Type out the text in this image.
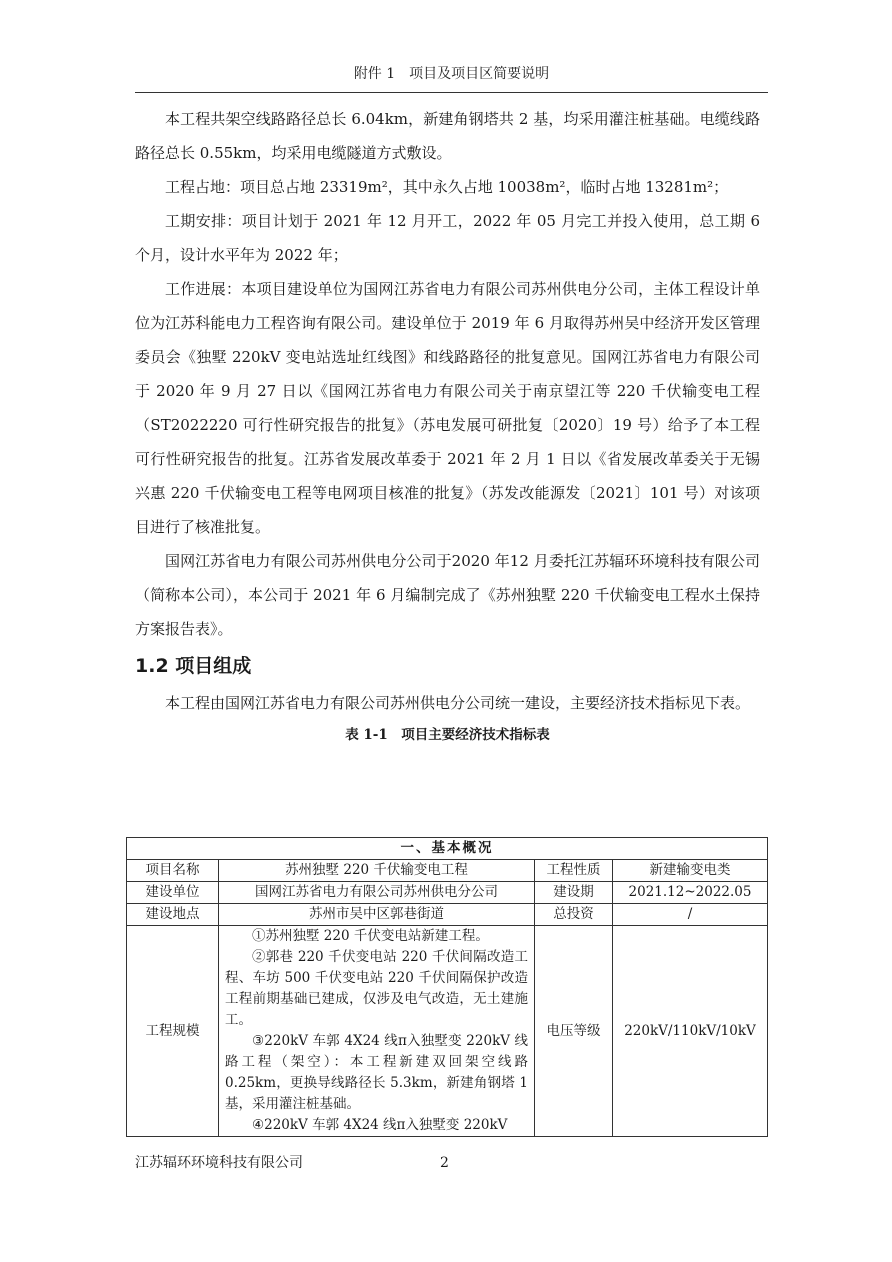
附件 1　项目及项目区简要说明

本工程共架空线路路径总长 6.04km，新建角钢塔共 2 基，均采用灌注桩基础。电缆线路路径总长 0.55km，均采用电缆隧道方式敷设。

工程占地：项目总占地 23319m²，其中永久占地 10038m²，临时占地 13281m²；

工期安排：项目计划于 2021 年 12 月开工，2022 年 05 月完工并投入使用，总工期 6 个月，设计水平年为 2022 年；

工作进展：本项目建设单位为国网江苏省电力有限公司苏州供电分公司，主体工程设计单位为江苏科能电力工程咨询有限公司。建设单位于 2019 年 6 月取得苏州吴中经济开发区管理委员会《独墅 220kV 变电站选址红线图》和线路路径的批复意见。国网江苏省电力有限公司于 2020 年 9 月 27 日以《国网江苏省电力有限公司关于南京望江等 220 千伏输变电工程（ST2022220 可行性研究报告的批复》（苏电发展可研批复〔2020〕19 号）给予了本工程可行性研究报告的批复。江苏省发展改革委于 2021 年 2 月 1 日以《省发展改革委关于无锡兴惠 220 千伏输变电工程等电网项目核准的批复》（苏发改能源发〔2021〕101 号）对该项目进行了核准批复。

国网江苏省电力有限公司苏州供电分公司于2020 年12 月委托江苏辐环环境科技有限公司（简称本公司），本公司于 2021 年 6 月编制完成了《苏州独墅 220 千伏输变电工程水土保持方案报告表》。

1.2 项目组成

本工程由国网江苏省电力有限公司苏州供电分公司统一建设，主要经济技术指标见下表。

表 1-1　项目主要经济技术指标表

一、基本概况			
项目名称	苏州独墅 220 千伏输变电工程	工程性质	新建输变电类
建设单位	国网江苏省电力有限公司苏州供电分公司	建设期	2021.12~2022.05
建设地点	苏州市吴中区郭巷街道	总投资	/
工程规模	①苏州独墅 220 千伏变电站新建工程。

②郭巷 220 千伏变电站 220 千伏间隔改造工程、车坊 500 千伏变电站 220 千伏间隔保护改造工程前期基础已建成，仅涉及电气改造，无土建施工。

③220kV 车郭 4X24 线π入独墅变 220kV 线路工程（架空）：本工程新建双回架空线路 0.25km，更换导线路径长 5.3km，新建角钢塔 1 基，采用灌注桩基础。

④220kV 车郭 4X24 线π入独墅变 220kV	电压等级	220kV/110kV/10kV
江苏辐环环境科技有限公司	2
